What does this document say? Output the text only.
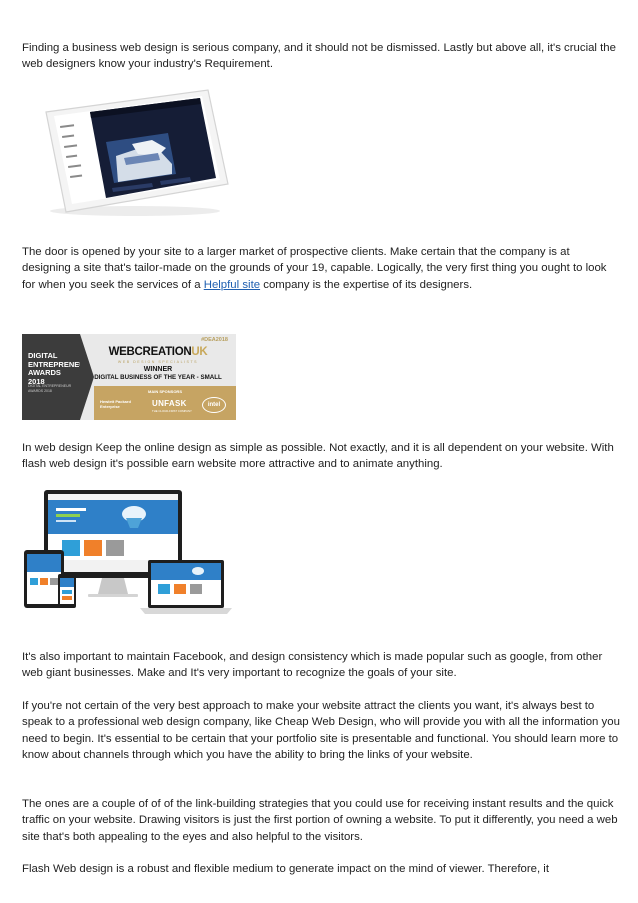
Finding a business web design is serious company, and it should not be dismissed. Lastly but above all, it's crucial the web designers know your industry's Requirement.

The door is opened by your site to a larger market of prospective clients. Make certain that the company is at designing a site that's tailor-made on the grounds of your 19, capable. Logically, the very first thing you ought to look for when you seek the services of a Helpful site company is the expertise of its designers.

DIGITAL ENTREPRENEUR AWARDS 2018
DIGITAL ENTREPRENEUR AWARDS 2018
#DEA2018
WEBCREATIONUK
WEB DESIGN SPECIALISTS
WINNER
DIGITAL BUSINESS OF THE YEAR - SMALL
MAIN SPONSORS
Hewlett Packard Enterprise	UNFASK
THE CLOUD-FIRST COMPANY
intel

In web design Keep the online design as simple as possible. Not exactly, and it is all dependent on your website. With flash web design it's possible earn website more attractive and to animate anything.

It's also important to maintain Facebook, and design consistency which is made popular such as google, from other web giant businesses. Make and It's very important to recognize the goals of your site.

If you're not certain of the very best approach to make your website attract the clients you want, it's always best to speak to a professional web design company, like Cheap Web Design, who will provide you with all the information you need to begin. It's essential to be certain that your portfolio site is presentable and functional. You should learn more to know about channels through which you have the ability to bring the links of your website.

The ones are a couple of of of the link-building strategies that you could use for receiving instant results and the quick traffic on your website. Drawing visitors is just the first portion of owning a website. To put it differently, you need a web site that's both appealing to the eyes and also helpful to the visitors.

Flash Web design is a robust and flexible medium to generate impact on the mind of viewer. Therefore, it
